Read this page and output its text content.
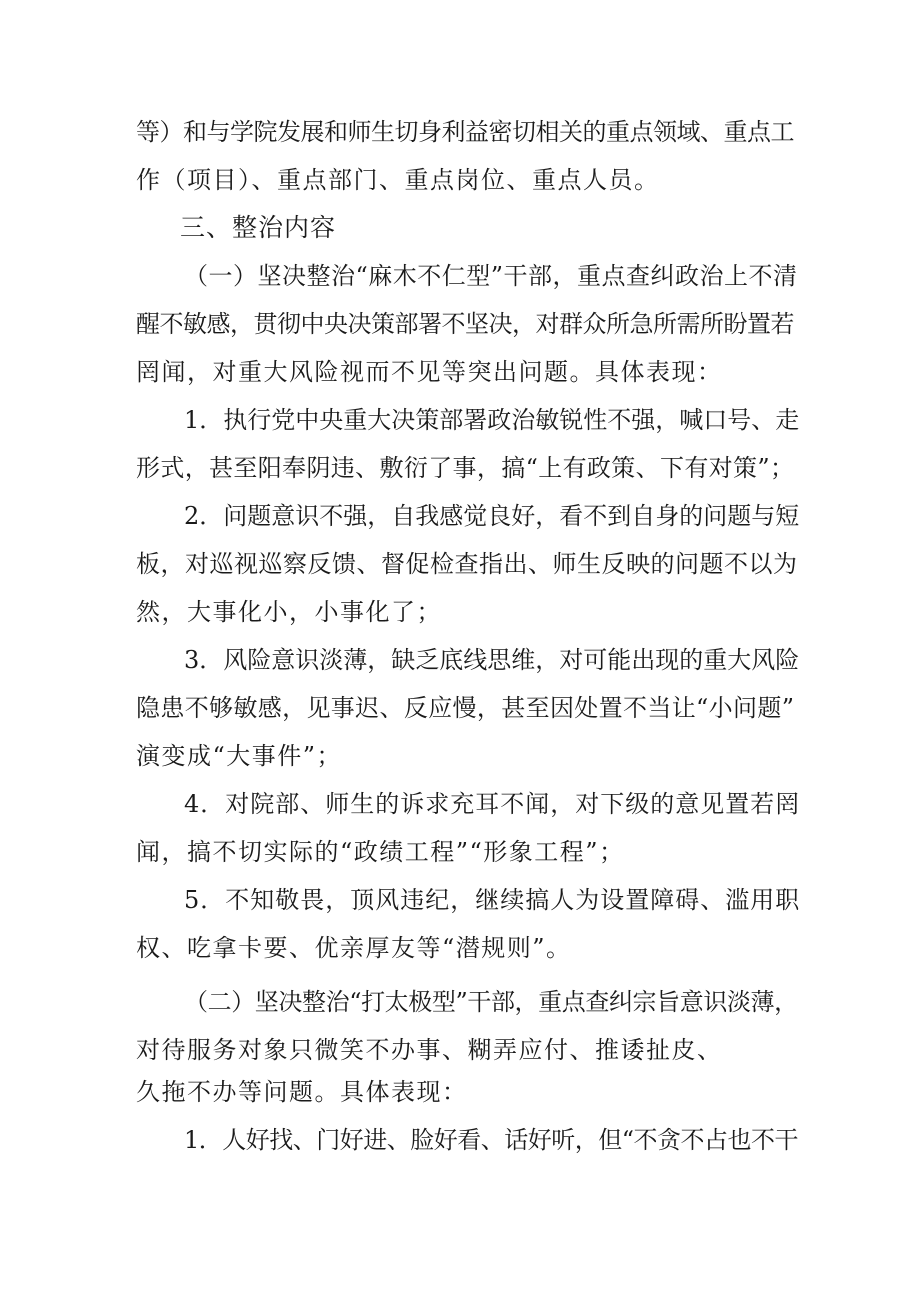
等）和与学院发展和师生切身利益密切相关的重点领域、重点工
作（项目）、重点部门、重点岗位、重点人员。
三、整治内容
（一）坚决整治“麻木不仁型”干部，重点查纠政治上不清
醒不敏感，贯彻中央决策部署不坚决，对群众所急所需所盼置若
罔闻，对重大风险视而不见等突出问题。具体表现：
1．执行党中央重大决策部署政治敏锐性不强，喊口号、走
形式，甚至阳奉阴违、敷衍了事，搞“上有政策、下有对策”；
2．问题意识不强，自我感觉良好，看不到自身的问题与短
板，对巡视巡察反馈、督促检查指出、师生反映的问题不以为
然，大事化小，小事化了；
3．风险意识淡薄，缺乏底线思维，对可能出现的重大风险
隐患不够敏感，见事迟、反应慢，甚至因处置不当让“小问题”
演变成“大事件”；
4．对院部、师生的诉求充耳不闻，对下级的意见置若罔
闻，搞不切实际的“政绩工程”“形象工程”；
5．不知敬畏，顶风违纪，继续搞人为设置障碍、滥用职
权、吃拿卡要、优亲厚友等“潜规则”。
（二）坚决整治“打太极型”干部，重点查纠宗旨意识淡薄，
对待服务对象只微笑不办事、糊弄应付、推诿扯皮、
久拖不办等问题。具体表现：
1．人好找、门好进、脸好看、话好听，但“不贪不占也不干
